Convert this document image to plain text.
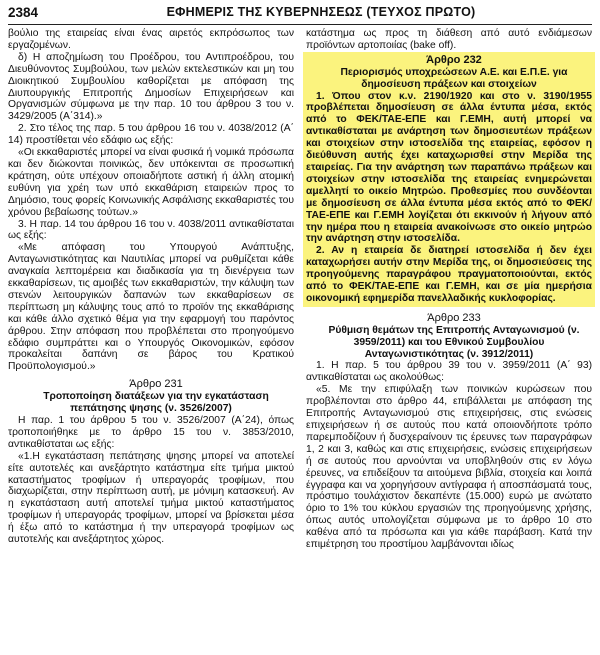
2384	ΕΦΗΜΕΡΙΣ ΤΗΣ ΚΥΒΕΡΝΗΣΕΩΣ (ΤΕΥΧΟΣ ΠΡΩΤΟ)

βούλιο της εταιρείας είναι ένας αιρετός εκπρόσωπος των εργαζομένων.

δ) Η αποζημίωση του Προέδρου, του Αντιπροέδρου, του Διευθύνοντος Συμβούλου, των μελών εκτελεστικών και μη του Διοικητικού Συμβουλίου καθορίζεται με απόφαση της Διυπουργικής Επιτροπής Δημοσίων Επιχειρήσεων και Οργανισμών σύμφωνα με την παρ. 10 του άρθρου 3 του ν. 3429/2005 (Α΄314).»

2. Στο τέλος της παρ. 5 του άρθρου 16 του ν. 4038/2012 (Α΄ 14) προστίθεται νέο εδάφιο ως εξής:

«Οι εκκαθαριστές μπορεί να είναι φυσικά ή νομικά πρόσωπα και δεν διώκονται ποινικώς, δεν υπόκεινται σε προσωπική κράτηση, ούτε υπέχουν οποιαδήποτε αστική ή άλλη ατομική ευθύνη για χρέη των υπό εκκαθάριση εταιρειών προς το Δημόσιο, τους φορείς Κοινωνικής Ασφάλισης εκκαθαριστές του χρόνου βεβαίωσης τούτων.»

3. Η παρ. 14 του άρθρου 16 του ν. 4038/2011 αντικαθίσταται ως εξής:

«Με απόφαση του Υπουργού Ανάπτυξης, Ανταγωνιστικότητας και Ναυτιλίας μπορεί να ρυθμίζεται κάθε αναγκαία λεπτομέρεια και διαδικασία για τη διενέργεια των εκκαθαρίσεων, τις αμοιβές των εκκαθαριστών, την κάλυψη των στενών λειτουργικών δαπανών των εκκαθαρίσεων σε περίπτωση μη κάλυψης τους από το προϊόν της εκκαθάρισης και κάθε άλλο σχετικό θέμα για την εφαρμογή του παρόντος άρθρου. Στην απόφαση που προβλέπεται στο προηγούμενο εδάφιο συμπράττει και ο Υπουργός Οικονομικών, εφόσον προκαλείται δαπάνη σε βάρος του Κρατικού Προϋπολογισμού.»

Άρθρο 231

Τροποποίηση διατάξεων για την εγκατάσταση πεπάτησης ψησης (ν. 3526/2007)

Η παρ. 1 του άρθρου 5 του ν. 3526/2007 (Α΄24), όπως τροποποιήθηκε με το άρθρο 15 του ν. 3853/2010, αντικαθίσταται ως εξής:

«1.Η εγκατάσταση πεπάτησης ψησης μπορεί να αποτελεί είτε αυτοτελές και ανεξάρτητο κατάστημα είτε τμήμα μικτού καταστήματος τροφίμων ή υπεραγοράς τροφίμων, που διαχωρίζεται, στην περίπτωση αυτή, με μόνιμη κατασκευή. Αν η εγκατάσταση αυτή αποτελεί τμήμα μικτού καταστήματος τροφίμων ή υπεραγοράς τροφίμων, μπορεί να βρίσκεται μέσα ή έξω από το κατάστημα ή την υπεραγορά τροφίμων ως αυτοτελής και ανεξάρτητος χώρος.

κατάστημα ως προς τη διάθεση από αυτό ενδιάμεσων προϊόντων αρτοποιίας (bake off).

Άρθρο 232

Περιορισμός υποχρεώσεων Α.Ε. και Ε.Π.Ε. για δημοσίευση πράξεων και στοιχείων

1. Όπου στον κ.ν. 2190/1920 και στο ν. 3190/1955 προβλέπεται δημοσίευση σε άλλα έντυπα μέσα, εκτός από το ΦΕΚ/ΤΑΕ-ΕΠΕ και Γ.ΕΜΗ, αυτή μπορεί να αντικαθίσταται με ανάρτηση των δημοσιευτέων πράξεων και στοιχείων στην ιστοσελίδα της εταιρείας, εφόσον η διεύθυνση αυτής έχει καταχωρισθεί στην Μερίδα της εταιρείας. Για την ανάρτηση των παραπάνω πράξεων και στοιχείων στην ιστοσελίδα της εταιρείας ενημερώνεται αμελλητί το οικείο Μητρώο. Προθεσμίες που συνδέονται με δημοσίευση σε άλλα έντυπα μέσα εκτός από το ΦΕΚ/ΤΑΕ-ΕΠΕ και Γ.ΕΜΗ λογίζεται ότι εκκινούν ή λήγουν από την ημέρα που η εταιρεία ανακοίνωσε στο οικείο μητρώο την ανάρτηση στην ιστοσελίδα.

2. Αν η εταιρεία δε διατηρεί ιστοσελίδα ή δεν έχει καταχωρήσει αυτήν στην Μερίδα της, οι δημοσιεύσεις της προηγούμενης παραγράφου πραγματοποιούνται, εκτός από το ΦΕΚ/ΤΑΕ-ΕΠΕ και Γ.ΕΜΗ, και σε μία ημερήσια οικονομική εφημερίδα πανελλαδικής κυκλοφορίας.

Άρθρο 233

Ρύθμιση θεμάτων της Επιτροπής Ανταγωνισμού (ν. 3959/2011) και του Εθνικού Συμβουλίου Ανταγωνιστικότητας (ν. 3912/2011)

1. Η παρ. 5 του άρθρου 39 του ν. 3959/2011 (Α΄ 93) αντικαθίσταται ως ακολούθως:

«5. Με την επιφύλαξη των ποινικών κυρώσεων που προβλέπονται στο άρθρο 44, επιβάλλεται με απόφαση της Επιτροπής Ανταγωνισμού στις επιχειρήσεις, στις ενώσεις επιχειρήσεων ή σε αυτούς που κατά οποιονδήποτε τρόπο παρεμποδίζουν ή δυσχεραίνουν τις έρευνες των παραγράφων 1, 2 και 3, καθώς και στις επιχειρήσεις, ενώσεις επιχειρήσεων ή σε αυτούς που αρνούνται να υποβληθούν στις εν λόγω έρευνες, να επιδείξουν τα αιτούμενα βιβλία, στοιχεία και λοιπά έγγραφα και να χορηγήσουν αντίγραφα ή αποσπάσματά τους, πρόστιμο τουλάχιστον δεκαπέντε (15.000) ευρώ με ανώτατο όριο το 1% του κύκλου εργασιών της προηγούμενης χρήσης, όπως αυτός υπολογίζεται σύμφωνα με το άρθρο 10 στο καθένα από τα πρόσωπα και για κάθε παράβαση. Κατά την επιμέτρηση του προστίμου λαμβάνονται ιδίως
